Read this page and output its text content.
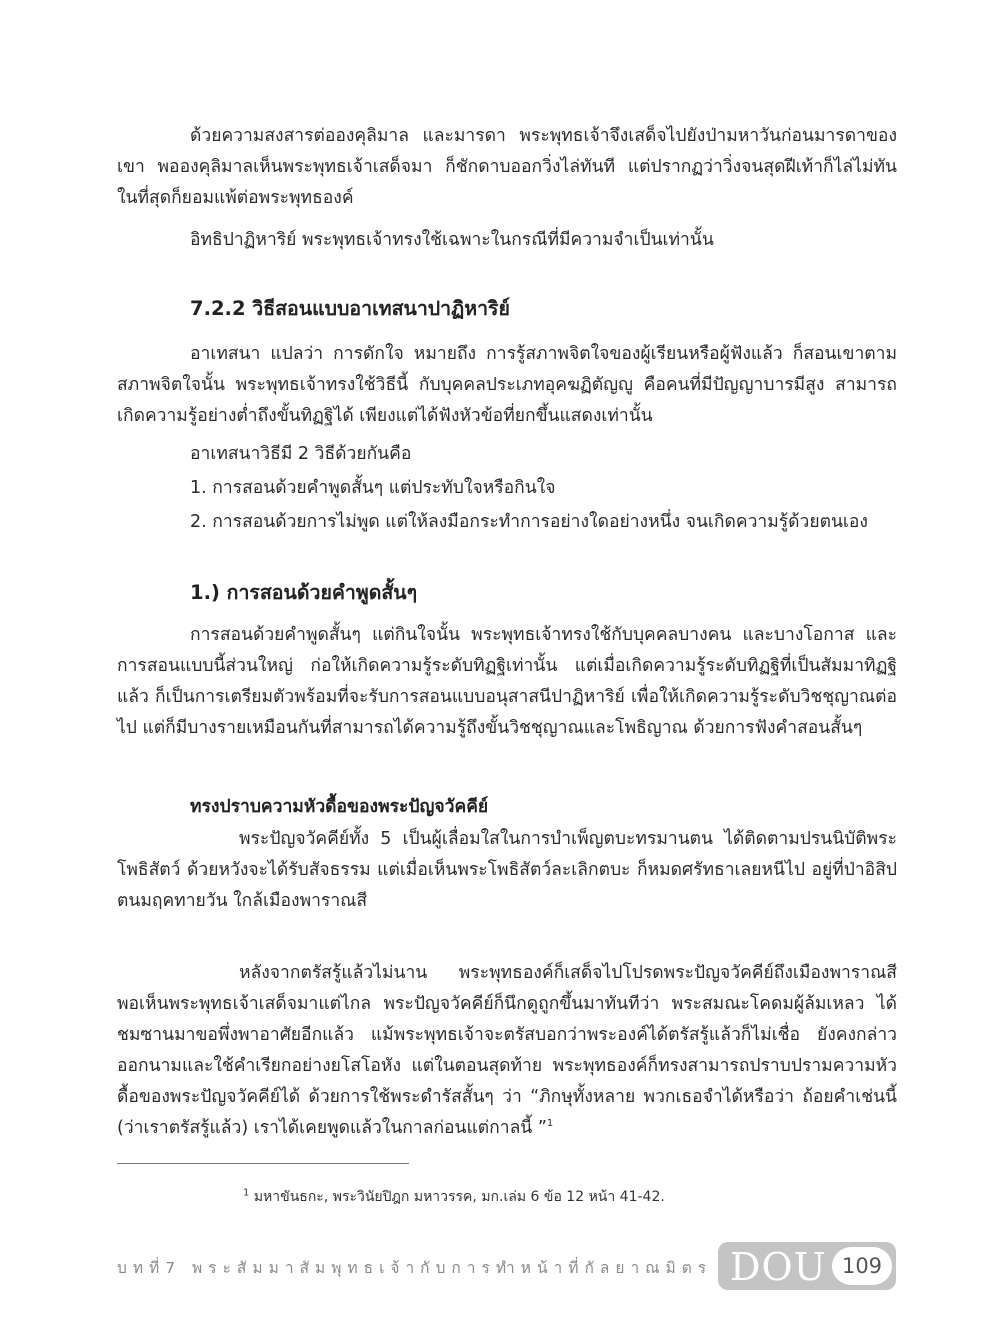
ด้วยความสงสารต่อองคุลิมาล และมารดา พระพุทธเจ้าจึงเสด็จไปยังป่ามหาวันก่อนมารดาของเขา พอองคุลิมาลเห็นพระพุทธเจ้าเสด็จมา ก็ชักดาบออกวิ่งไล่ทันที แต่ปรากฏว่าวิ่งจนสุดฝีเท้าก็ไล่ไม่ทัน ในที่สุดก็ยอมแพ้ต่อพระพุทธองค์

อิทธิปาฏิหาริย์ พระพุทธเจ้าทรงใช้เฉพาะในกรณีที่มีความจำเป็นเท่านั้น

7.2.2 วิธีสอนแบบอาเทสนาปาฏิหาริย์

อาเทสนา แปลว่า การดักใจ หมายถึง การรู้สภาพจิตใจของผู้เรียนหรือผู้ฟังแล้ว ก็สอนเขาตามสภาพจิตใจนั้น พระพุทธเจ้าทรงใช้วิธีนี้ กับบุคคลประเภทอุคฆฏิตัญญู คือคนที่มีปัญญาบารมีสูง สามารถเกิดความรู้อย่างต่ำถึงขั้นทิฏฐิได้ เพียงแต่ได้ฟังหัวข้อที่ยกขึ้นแสดงเท่านั้น

อาเทสนาวิธีมี 2 วิธีด้วยกันคือ

1. การสอนด้วยคำพูดสั้นๆ แต่ประทับใจหรือกินใจ

2. การสอนด้วยการไม่พูด แต่ให้ลงมือกระทำการอย่างใดอย่างหนึ่ง จนเกิดความรู้ด้วยตนเอง

1.) การสอนด้วยคำพูดสั้นๆ

การสอนด้วยคำพูดสั้นๆ แต่กินใจนั้น พระพุทธเจ้าทรงใช้กับบุคคลบางคน และบางโอกาส และการสอนแบบนี้ส่วนใหญ่ ก่อให้เกิดความรู้ระดับทิฏฐิเท่านั้น แต่เมื่อเกิดความรู้ระดับทิฏฐิที่เป็นสัมมาทิฏฐิแล้ว ก็เป็นการเตรียมตัวพร้อมที่จะรับการสอนแบบอนุสาสนีปาฏิหาริย์ เพื่อให้เกิดความรู้ระดับวิชชุญาณต่อไป แต่ก็มีบางรายเหมือนกันที่สามารถได้ความรู้ถึงขั้นวิชชุญาณและโพธิญาณ ด้วยการฟังคำสอนสั้นๆ

ทรงปราบความหัวดื้อของพระปัญจวัคคีย์

พระปัญจวัคคีย์ทั้ง 5 เป็นผู้เลื่อมใสในการบำเพ็ญตบะทรมานตน ได้ติดตามปรนนิบัติพระโพธิสัตว์ ด้วยหวังจะได้รับสัจธรรม แต่เมื่อเห็นพระโพธิสัตว์ละเลิกตบะ ก็หมดศรัทธาเลยหนีไป อยู่ที่ป่าอิสิปตนมฤคทายวัน ใกล้เมืองพาราณสี

หลังจากตรัสรู้แล้วไม่นาน พระพุทธองค์ก็เสด็จไปโปรดพระปัญจวัคคีย์ถึงเมืองพาราณสี พอเห็นพระพุทธเจ้าเสด็จมาแต่ไกล พระปัญจวัคคีย์ก็นึกดูถูกขึ้นมาทันทีว่า พระสมณะโคดมผู้ล้มเหลว ได้ชมซานมาขอพึ่งพาอาศัยอีกแล้ว แม้พระพุทธเจ้าจะตรัสบอกว่าพระองค์ได้ตรัสรู้แล้วก็ไม่เชื่อ ยังคงกล่าวออกนามและใช้คำเรียกอย่างยโสโอหัง แต่ในตอนสุดท้าย พระพุทธองค์ก็ทรงสามารถปราบปรามความหัวดื้อของพระปัญจวัคคีย์ได้ ด้วยการใช้พระดำรัสสั้นๆ ว่า “ภิกษุทั้งหลาย พวกเธอจำได้หรือว่า ถ้อยคำเช่นนี้ (ว่าเราตรัสรู้แล้ว) เราได้เคยพูดแล้วในกาลก่อนแต่กาลนี้ ”$^1$

$^1$ มหาขันธกะ, พระวินัยปิฎก มหาวรรค, มก.เล่ม 6 ข้อ 12 หน้า 41-42.

บทที่7 พระสัมมาสัมพุทธเจ้ากับการทำหน้าที่กัลยาณมิตร DOU 109
